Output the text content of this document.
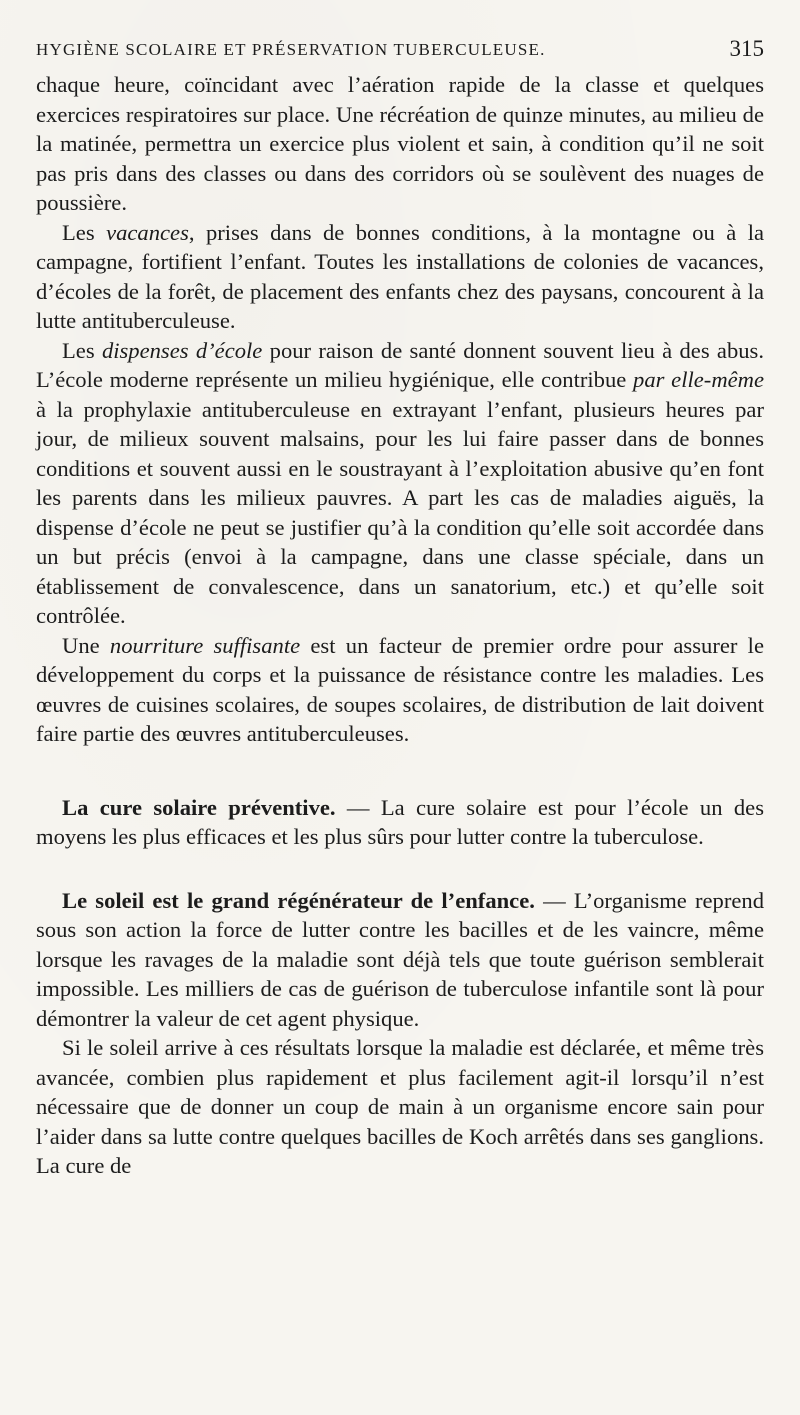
HYGIÈNE SCOLAIRE ET PRÉSERVATION TUBERCULEUSE.	315

chaque heure, coïncidant avec l’aération rapide de la classe et quelques exercices respiratoires sur place. Une récréation de quinze minutes, au milieu de la matinée, permettra un exercice plus violent et sain, à condition qu’il ne soit pas pris dans des classes ou dans des corridors où se soulèvent des nuages de poussière.

Les vacances, prises dans de bonnes conditions, à la montagne ou à la campagne, fortifient l’enfant. Toutes les installations de colonies de vacances, d’écoles de la forêt, de placement des enfants chez des paysans, concourent à la lutte antituberculeuse.

Les dispenses d’école pour raison de santé donnent souvent lieu à des abus. L’école moderne représente un milieu hygiénique, elle contribue par elle-même à la prophylaxie antituberculeuse en extrayant l’enfant, plusieurs heures par jour, de milieux souvent malsains, pour les lui faire passer dans de bonnes conditions et souvent aussi en le soustrayant à l’exploitation abusive qu’en font les parents dans les milieux pauvres. A part les cas de maladies aiguës, la dispense d’école ne peut se justifier qu’à la condition qu’elle soit accordée dans un but précis (envoi à la campagne, dans une classe spéciale, dans un établissement de convalescence, dans un sanatorium, etc.) et qu’elle soit contrôlée.

Une nourriture suffisante est un facteur de premier ordre pour assurer le développement du corps et la puissance de résistance contre les maladies. Les œuvres de cuisines scolaires, de soupes scolaires, de distribution de lait doivent faire partie des œuvres antituberculeuses.

La cure solaire préventive. — La cure solaire est pour l’école un des moyens les plus efficaces et les plus sûrs pour lutter contre la tuberculose.

Le soleil est le grand régénérateur de l’enfance. — L’organisme reprend sous son action la force de lutter contre les bacilles et de les vaincre, même lorsque les ravages de la maladie sont déjà tels que toute guérison semblerait impossible. Les milliers de cas de guérison de tuberculose infantile sont là pour démontrer la valeur de cet agent physique.

Si le soleil arrive à ces résultats lorsque la maladie est déclarée, et même très avancée, combien plus rapidement et plus facilement agit-il lorsqu’il n’est nécessaire que de donner un coup de main à un organisme encore sain pour l’aider dans sa lutte contre quelques bacilles de Koch arrêtés dans ses ganglions. La cure de
